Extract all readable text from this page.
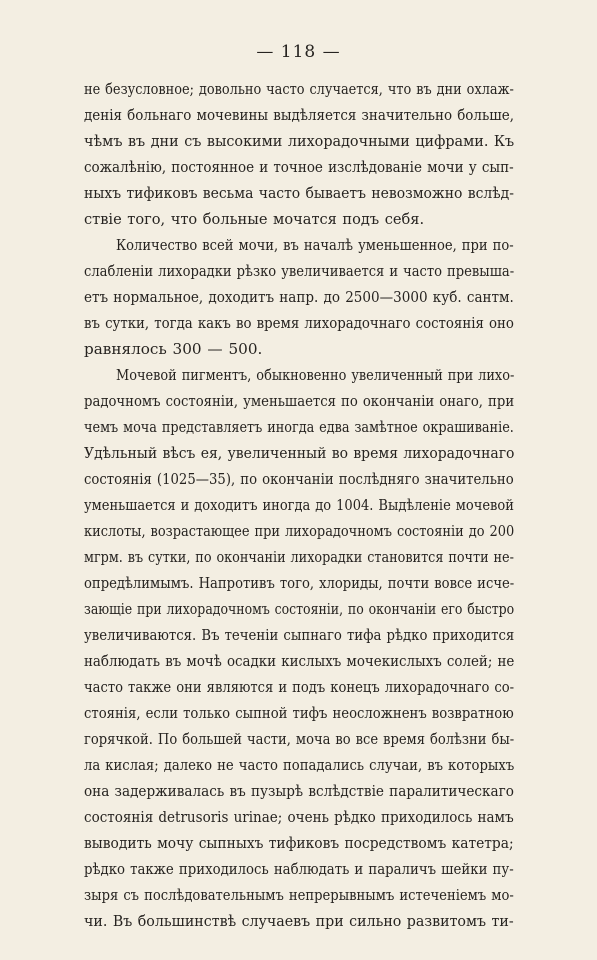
— 118 —
не безусловное; довольно часто случается, что въ дни охлаж-
денія больнаго мочевины выдѣляется значительно больше,
чѣмъ въ дни съ высокими лихорадочными цифрами. Къ
сожалѣнію, постоянное и точное изслѣдованіе мочи у сып-
ныхъ тификовъ весьма часто бываетъ невозможно вслѣд-
ствіе того, что больные мочатся подъ себя.
Количество всей мочи, въ началѣ уменьшенное, при по-
слабленіи лихорадки рѣзко увеличивается и часто превыша-
етъ нормальное, доходитъ напр. до 2500—3000 куб. сантм.
въ сутки, тогда какъ во время лихорадочнаго состоянія оно
равнялось 300 — 500.
Мочевой пигментъ, обыкновенно увеличенный при лихо-
радочномъ состояніи, уменьшается по окончаніи онаго, при
чемъ моча представляетъ иногда едва замѣтное окрашиваніе.
Удѣльный вѣсъ ея, увеличенный во время лихорадочнаго
состоянія (1025—35), по окончаніи послѣдняго значительно
уменьшается и доходитъ иногда до 1004. Выдѣленіе мочевой
кислоты, возрастающее при лихорадочномъ состояніи до 200
мгрм. въ сутки, по окончаніи лихорадки становится почти не-
опредѣлимымъ. Напротивъ того, хлориды, почти вовсе исче-
зающіе при лихорадочномъ состояніи, по окончаніи его быстро
увеличиваются. Въ теченіи сыпнаго тифа рѣдко приходится
наблюдать въ мочѣ осадки кислыхъ мочекислыхъ солей; не
часто также они являются и подъ конецъ лихорадочнаго со-
стоянія, если только сыпной тифъ неосложненъ возвратною
горячкой. По большей части, моча во все время болѣзни бы-
ла кислая; далеко не часто попадались случаи, въ которыхъ
она задерживалась въ пузырѣ вслѣдствіе паралитическаго
состоянія detrusoris urinae; очень рѣдко приходилось намъ
выводить мочу сыпныхъ тификовъ посредствомъ катетра;
рѣдко также приходилось наблюдать и параличъ шейки пу-
зыря съ послѣдовательнымъ непрерывнымъ истеченіемъ мо-
чи. Въ большинствѣ случаевъ при сильно развитомъ ти-
